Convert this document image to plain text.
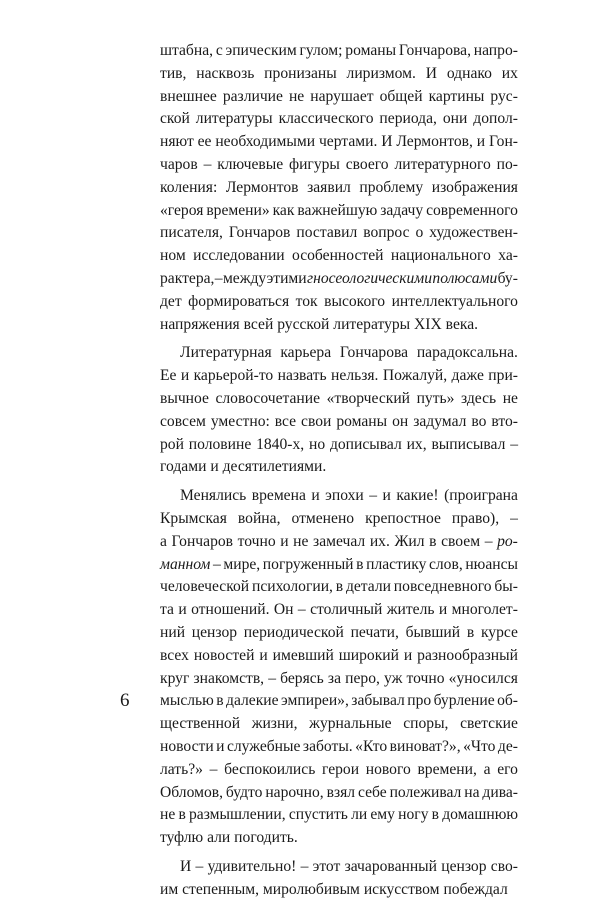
6
штабна, с эпическим гулом; романы Гончарова, напро-
тив, насквозь пронизаны лиризмом. И однако их
внешнее различие не нарушает общей картины рус-
ской литературы классического периода, они допол-
няют ее необходимыми чертами. И Лермонтов, и Гон-
чаров – ключевые фигуры своего литературного по-
коления: Лермонтов заявил проблему изображения
«героя времени» как важнейшую задачу современного
писателя, Гончаров поставил вопрос о художествен-
ном исследовании особенностей национального ха-
рактера, – между этими гносеологическими полюсами бу-
дет формироваться ток высокого интеллектуального
напряжения
всей
русской
литературы
XIX
века.
Литературная карьера Гончарова парадоксальна.
Ее и карьерой-то назвать нельзя. Пожалуй, даже при-
вычное словосочетание «творческий путь» здесь не
совсем уместно: все свои романы он задумал во вто-
рой половине 1840-х, но дописывал их, выписывал –
годами
и
десятилетиями.
Менялись времена и эпохи – и какие! (проиграна
Крымская война, отменено крепостное право), –
а Гончаров точно и не замечал их. Жил в своем – ро-
манном – мире, погруженный в пластику слов, нюансы
человеческой психологии, в детали повседневного бы-
та и отношений. Он – столичный житель и многолет-
ний цензор периодической печати, бывший в курсе
всех новостей и имевший широкий и разнообразный
круг знакомств, – берясь за перо, уж точно «уносился
мыслью в далекие эмпиреи», забывал про бурление об-
щественной жизни, журнальные споры, светские
новости и служебные заботы. «Кто виноват?», «Что де-
лать?» – беспокоились герои нового времени, а его
Обломов, будто нарочно, взял себе полеживал на дива-
не в размышлении, спустить ли ему ногу в домашнюю
туфлю
али
погодить.
И – удивительно! – этот зачарованный цензор сво-
им
степенным,
миролюбивым
искусством
побеждал
